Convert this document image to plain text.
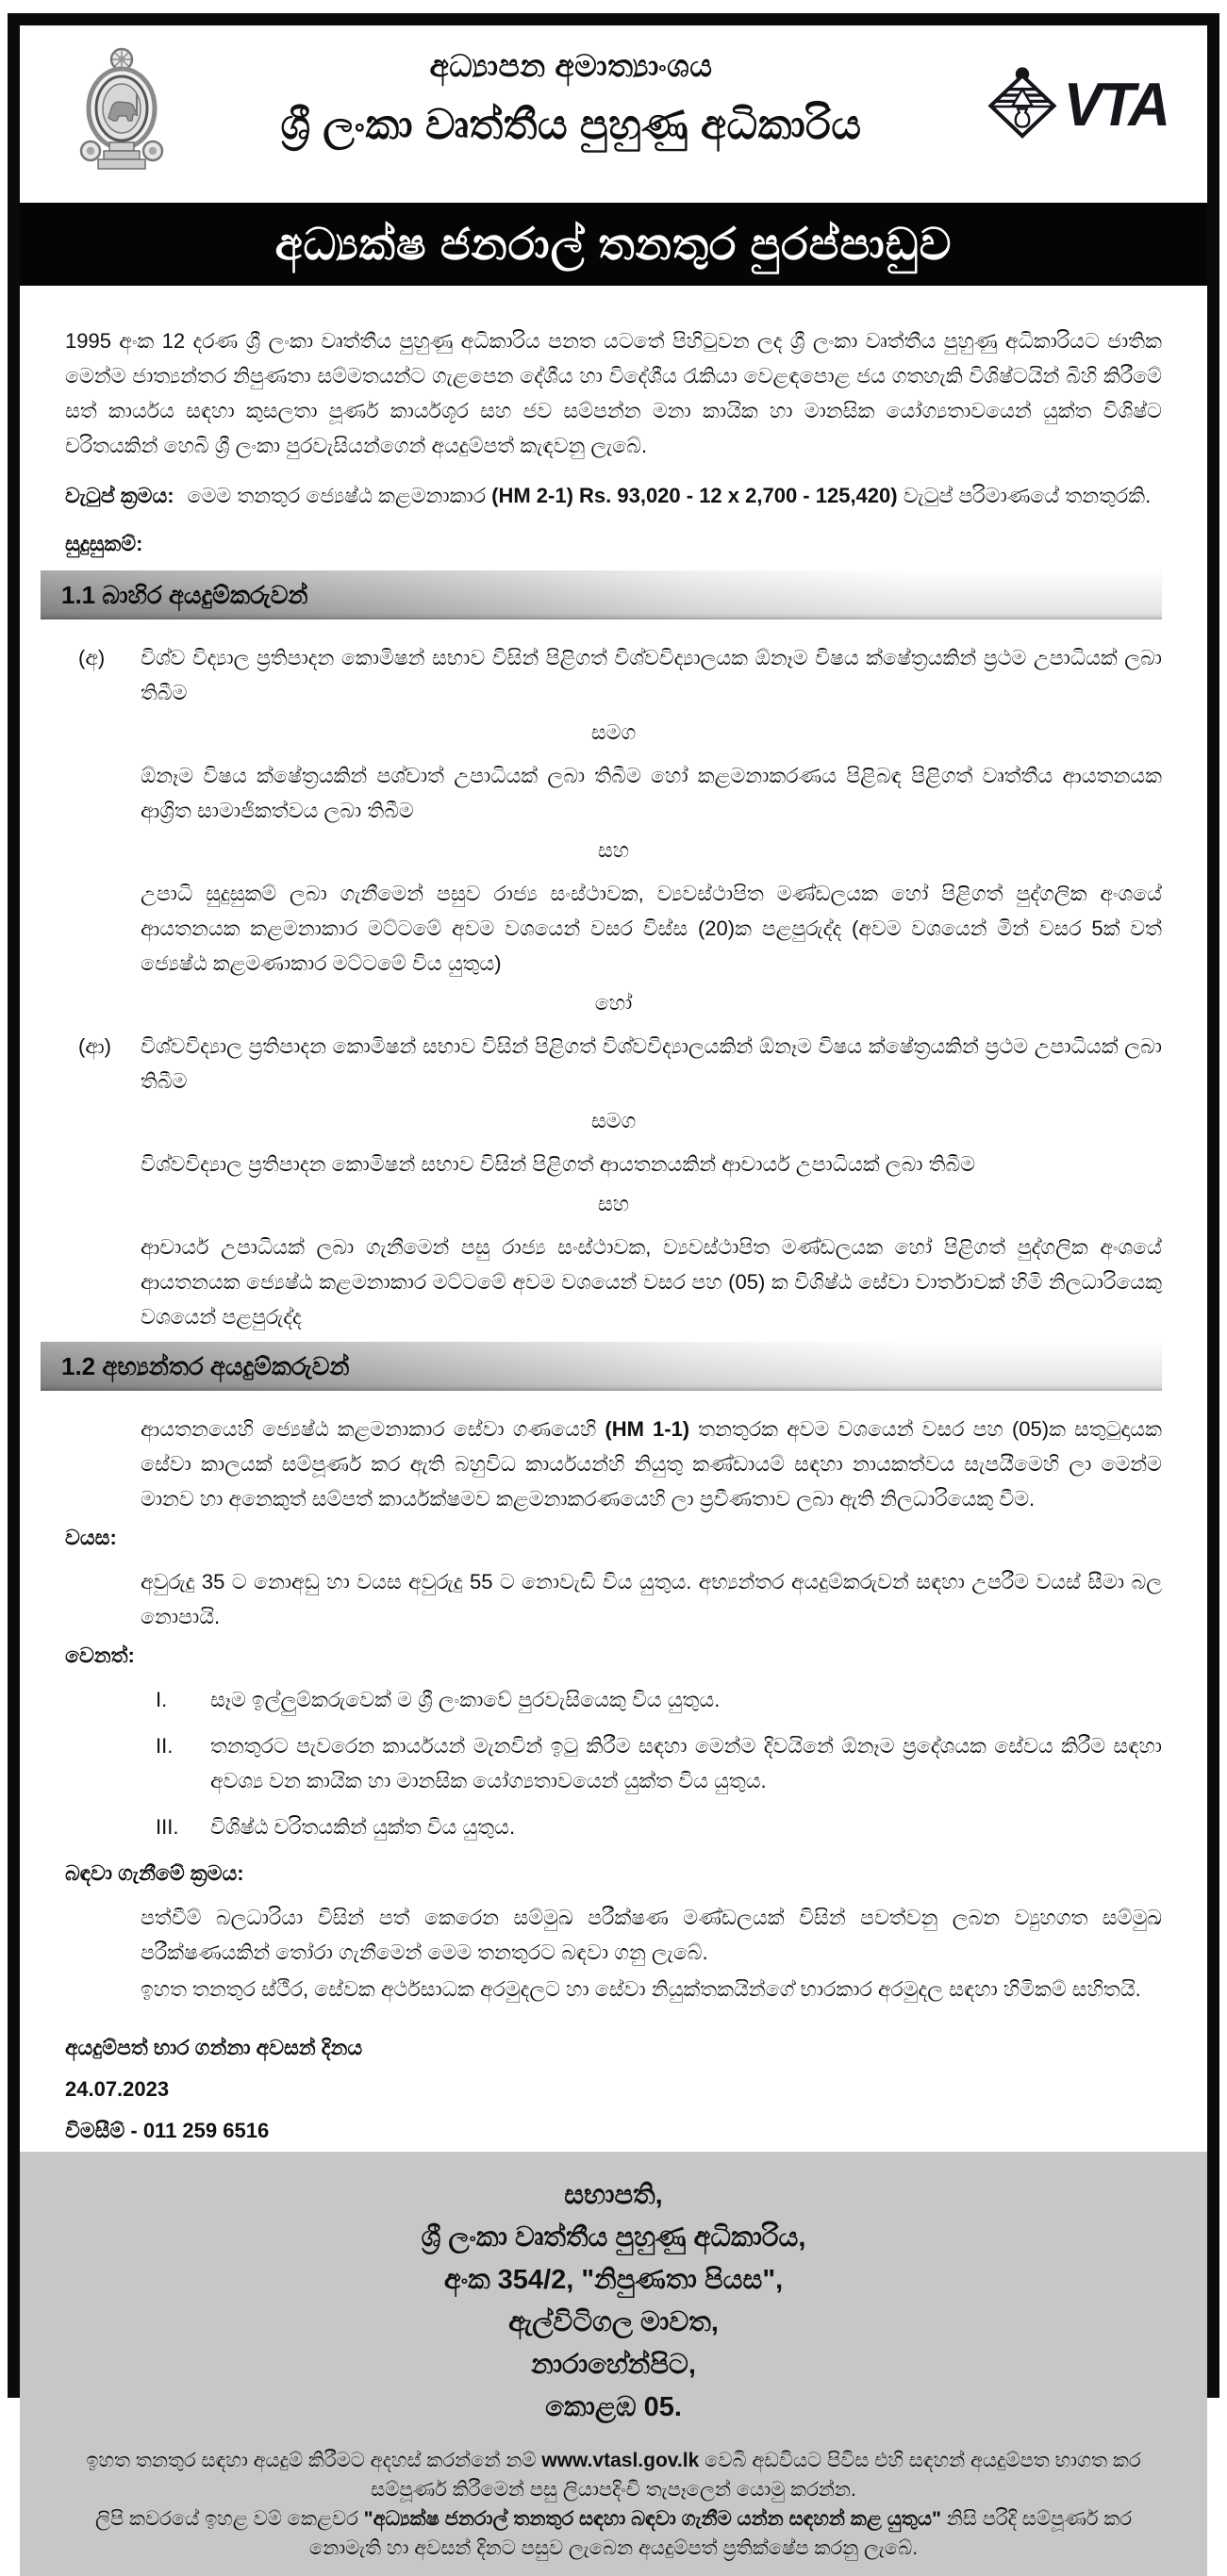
අධ්‍යාපන අමාත්‍යාංශය
ශ්‍රී ලංකා වෘත්තීය පුහුණු අධිකාරිය	VTA
අධ්‍යක්ෂ ජනරාල් තනතුර පුරප්පාඩුව

1995 අංක 12 දරණ ශ්‍රී ලංකා වෘත්තීය පුහුණු අධිකාරිය පනත යටතේ පිහිටුවන ලද ශ්‍රී ලංකා වෘත්තීය පුහුණු අධිකාරියට ජාතික මෙන්ම ජාත්‍යන්තර නිපුණතා සම්මතයන්ට ගැළපෙන දේශීය හා විදේශීය රැකියා වෙළඳපොළ ජය ගතහැකි විශිෂ්ටයින් බිහි කිරීමේ සත් කාර්යය සඳහා කුසලතා පූර්ණ කාර්යශූර සහ ජව සම්පන්න මනා කායික හා මානසික යෝග්‍යතාවයෙන් යුක්ත විශිෂ්ට චරිතයකින් හෙබි ශ්‍රී ලංකා පුරවැසියන්ගෙන් අයදුම්පත් කැඳවනු ලැබේ.

වැටුප් ක්‍රමය: මෙම තනතුර ජ්‍යෙෂ්ඨ කළමනාකාර (HM 2-1) Rs. 93,020 - 12 x 2,700 - 125,420) වැටුප් පරිමාණයේ තනතුරකි.
සුදුසුකම්:
1.1 බාහිර අයදුම්කරුවන්
(අ)	විශ්ව විද්‍යාල ප්‍රතිපාදන කොමිෂන් සභාව විසින් පිළිගත් විශ්වවිද්‍යාලයක ඕනෑම විෂය ක්ෂේත්‍රයකින් ප්‍රථම උපාධියක් ලබා තිබීම
සමග

ඕනෑම විෂය ක්ෂේත්‍රයකින් පශ්චාත් උපාධියක් ලබා තිබීම හෝ කළමනාකරණය පිළිබඳ පිළිගත් වෘත්තීය ආයතනයක ආශ්‍රිත සාමාජිකත්වය ලබා තිබීම

සහ

උපාධි සුදුසුකම් ලබා ගැනීමෙන් පසුව රාජ්‍ය සංස්ථාවක, ව්‍යවස්ථාපිත මණ්ඩලයක හෝ පිළිගත් පුද්ගලික අංශයේ ආයතනයක කළමනාකාර මට්ටමේ අවම වශයෙන් වසර විස්ස (20)ක පළපුරුද්ද (අවම වශයෙන් මින් වසර 5ක් වත් ජ්‍යෙෂ්ඨ කළමණාකාර මට්ටමේ විය යුතුය)

හෝ
(ආ)	විශ්වවිද්‍යාල ප්‍රතිපාදන කොමිෂන් සභාව විසින් පිළිගත් විශ්වවිද්‍යාලයකින් ඕනෑම විෂය ක්ෂේත්‍රයකින් ප්‍රථම උපාධියක් ලබා තිබීම
සමග

විශ්වවිද්‍යාල ප්‍රතිපාදන කොමිෂන් සභාව විසින් පිළිගත් ආයතනයකින් ආචාර්ය උපාධියක් ලබා තිබීම

සහ

ආචාර්ය උපාධියක් ලබා ගැනීමෙන් පසු රාජ්‍ය සංස්ථාවක, ව්‍යවස්ථාපිත මණ්ඩලයක හෝ පිළිගත් පුද්ගලික අංශයේ ආයතනයක ජ්‍යෙෂ්ඨ කළමනාකාර මට්ටමේ අවම වශයෙන් වසර පහ (05) ක විශිෂ්ඨ සේවා වාර්තාවක් හිමි නිලධාරියෙකු වශයෙන් පළපුරුද්ද

1.2 අභ්‍යන්තර අයදුම්කරුවන්

ආයතනයෙහි ජ්‍යෙෂ්ඨ කළමනාකාර සේවා ගණයෙහි (HM 1-1) තනතුරක අවම වශයෙන් වසර පහ (05)ක සතුටුදායක සේවා කාලයක් සම්පූර්ණ කර ඇති බහුවිධ කාර්යයන්හි නියුතු කණ්ඩායම් සඳහා නායකත්වය සැපයීමෙහි ලා මෙන්ම මානව හා අනෙකුත් සම්පත් කාර්යක්ෂමව කළමනාකරණයෙහි ලා ප්‍රවීණතාව ලබා ඇති නිලධාරියෙකු වීම.

වයස:

අවුරුදු 35 ට නොඅඩු හා වයස අවුරුදු 55 ට නොවැඩි විය යුතුය. අභ්‍යන්තර අයදුම්කරුවන් සඳහා උපරීම වයස් සීමා බල නොපායි.

වෙනත්:
I.	සෑම ඉල්ලුම්කරුවෙක් ම ශ්‍රී ලංකාවේ පුරවැසියෙකු විය යුතුය.
II.	තනතුරට පැවරෙන කාර්යයන් මැනවින් ඉටු කිරීම සඳහා මෙන්ම දිවයිනේ ඕනෑම ප්‍රදේශයක සේවය කිරීම සඳහා අවශ්‍ය වන කායික හා මානසික යෝග්‍යතාවයෙන් යුක්ත විය යුතුය.
III.	විශිෂ්ඨ චරිතයකින් යුක්ත විය යුතුය.
බඳවා ගැනීමේ ක්‍රමය:

පත්වීම් බලධාරියා විසින් පත් කෙරෙන සම්මුඛ පරීක්ෂණ මණ්ඩලයක් විසින් පවත්වනු ලබන ව්‍යුහගත සම්මුඛ පරීක්ෂණයකින් තෝරා ගැනීමෙන් මෙම තනතුරට බඳවා ගනු ලැබේ.

ඉහත තනතුර ස්ථීර, සේවක අර්ථසාධක අරමුදලට හා සේවා නියුක්තකයින්ගේ භාරකාර අරමුදල සඳහා හිමිකම් සහිතයි.

අයදුම්පත් භාර ගන්නා අවසන් දිනය
24.07.2023
විමසීම් - 011 259 6516
සභාපති,
ශ්‍රී ලංකා වෘත්තීය පුහුණු අධිකාරිය,
අංක 354/2, "නිපුණතා පියස",
ඇල්විටිගල මාවත,
නාරාහේන්පිට,
කොළඹ 05.
ඉහත තනතුර සඳහා අයදුම් කිරීමට අදහස් කරන්නේ නම් www.vtasl.gov.lk වෙබි අඩවියට පිවිස එහි සඳහන් අයදුම්පත භාගත කර සම්පූර්ණ කිරීමෙන් පසු ලියාපදිංචි තැපෑලෙන් යොමු කරන්න.
ලිපි කවරයේ ඉහළ වම් කෙළවර "අධ්‍යක්ෂ ජනරාල් තනතුර සඳහා බඳවා ගැනීම යන්න සඳහන් කළ යුතුය" නිසි පරිදි සම්පූර්ණ කර නොමැති හා අවසන් දිනට පසුව ලැබෙන අයදුම්පත් ප්‍රතික්ෂේප කරනු ලැබේ.
